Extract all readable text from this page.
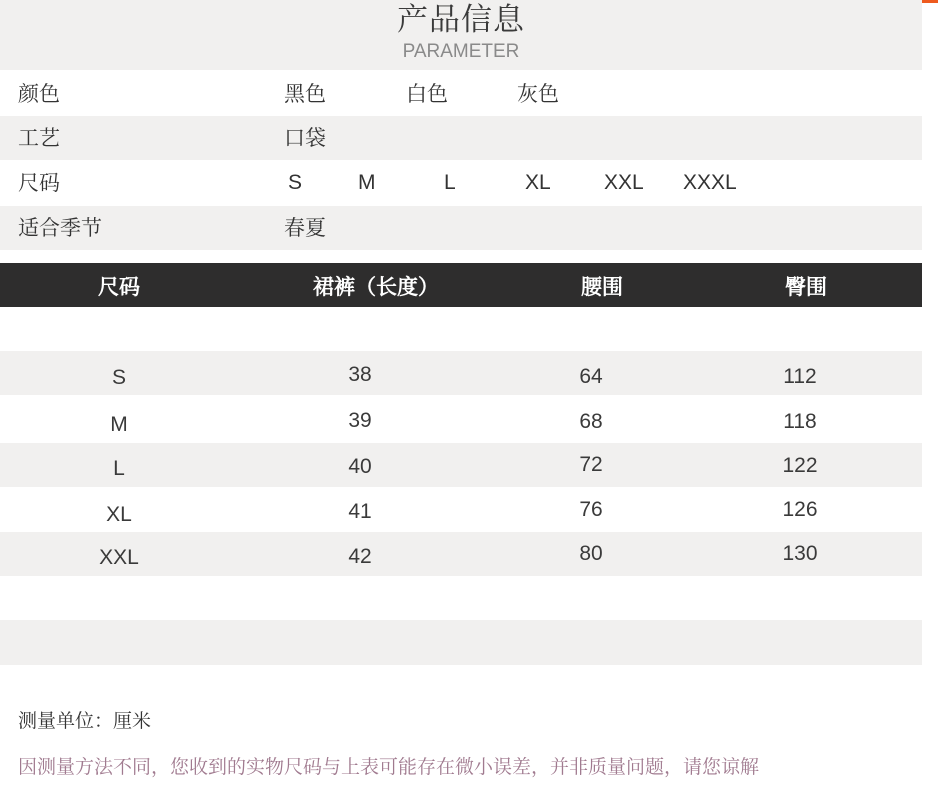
产品信息
PARAMETER
颜色	黑色	白色	灰色
工艺	口袋
尺码	S	M	L	XL	XXL XXXL
适合季节	春夏
尺码	裙裤（长度）	腰围	臀围
S	38	64	112
M	39	68	118
L	40	72	122
XL	41	76	126
XXL	42	80	130
测量单位：厘米
因测量方法不同，您收到的实物尺码与上表可能存在微小误差，并非质量问题，请您谅解
